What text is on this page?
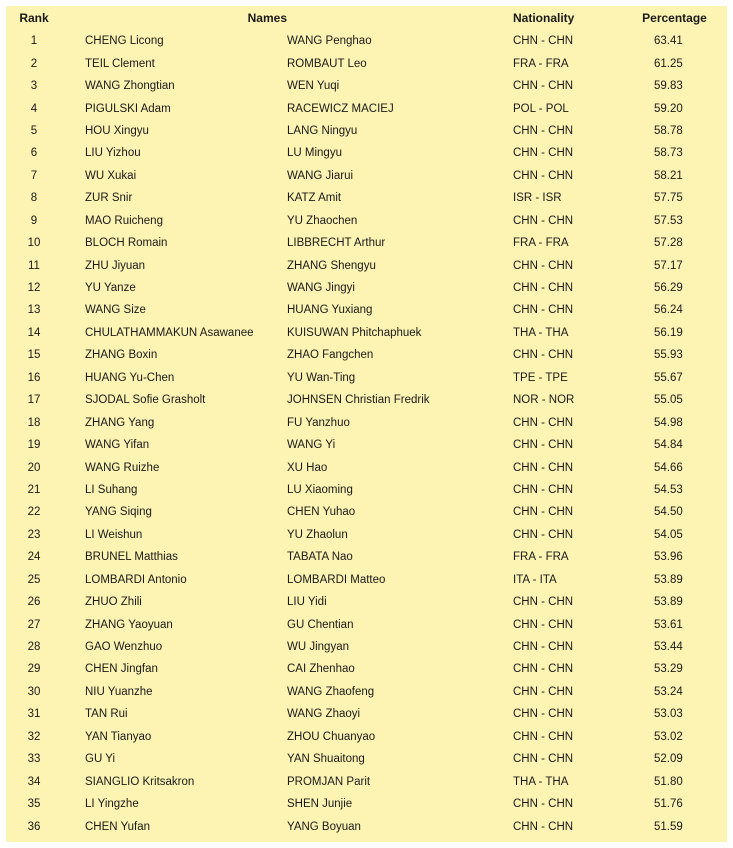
Rank	Names		Nationality	Percentage
1	CHENG Licong	WANG Penghao	CHN - CHN	63.41
2	TEIL Clement	ROMBAUT Leo	FRA - FRA	61.25
3	WANG Zhongtian	WEN Yuqi	CHN - CHN	59.83
4	PIGULSKI Adam	RACEWICZ MACIEJ	POL - POL	59.20
5	HOU Xingyu	LANG Ningyu	CHN - CHN	58.78
6	LIU Yizhou	LU Mingyu	CHN - CHN	58.73
7	WU Xukai	WANG Jiarui	CHN - CHN	58.21
8	ZUR Snir	KATZ Amit	ISR - ISR	57.75
9	MAO Ruicheng	YU Zhaochen	CHN - CHN	57.53
10	BLOCH Romain	LIBBRECHT Arthur	FRA - FRA	57.28
11	ZHU Jiyuan	ZHANG Shengyu	CHN - CHN	57.17
12	YU Yanze	WANG Jingyi	CHN - CHN	56.29
13	WANG Size	HUANG Yuxiang	CHN - CHN	56.24
14	CHULATHAMMAKUN Asawanee	KUISUWAN Phitchaphuek	THA - THA	56.19
15	ZHANG Boxin	ZHAO Fangchen	CHN - CHN	55.93
16	HUANG Yu-Chen	YU Wan-Ting	TPE - TPE	55.67
17	SJODAL Sofie Grasholt	JOHNSEN Christian Fredrik	NOR - NOR	55.05
18	ZHANG Yang	FU Yanzhuo	CHN - CHN	54.98
19	WANG Yifan	WANG Yi	CHN - CHN	54.84
20	WANG Ruizhe	XU Hao	CHN - CHN	54.66
21	LI Suhang	LU Xiaoming	CHN - CHN	54.53
22	YANG Siqing	CHEN Yuhao	CHN - CHN	54.50
23	LI Weishun	YU Zhaolun	CHN - CHN	54.05
24	BRUNEL Matthias	TABATA Nao	FRA - FRA	53.96
25	LOMBARDI Antonio	LOMBARDI Matteo	ITA - ITA	53.89
26	ZHUO Zhili	LIU Yidi	CHN - CHN	53.89
27	ZHANG Yaoyuan	GU Chentian	CHN - CHN	53.61
28	GAO Wenzhuo	WU Jingyan	CHN - CHN	53.44
29	CHEN Jingfan	CAI Zhenhao	CHN - CHN	53.29
30	NIU Yuanzhe	WANG Zhaofeng	CHN - CHN	53.24
31	TAN Rui	WANG Zhaoyi	CHN - CHN	53.03
32	YAN Tianyao	ZHOU Chuanyao	CHN - CHN	53.02
33	GU Yi	YAN Shuaitong	CHN - CHN	52.09
34	SIANGLIO Kritsakron	PROMJAN Parit	THA - THA	51.80
35	LI Yingzhe	SHEN Junjie	CHN - CHN	51.76
36	CHEN Yufan	YANG Boyuan	CHN - CHN	51.59
